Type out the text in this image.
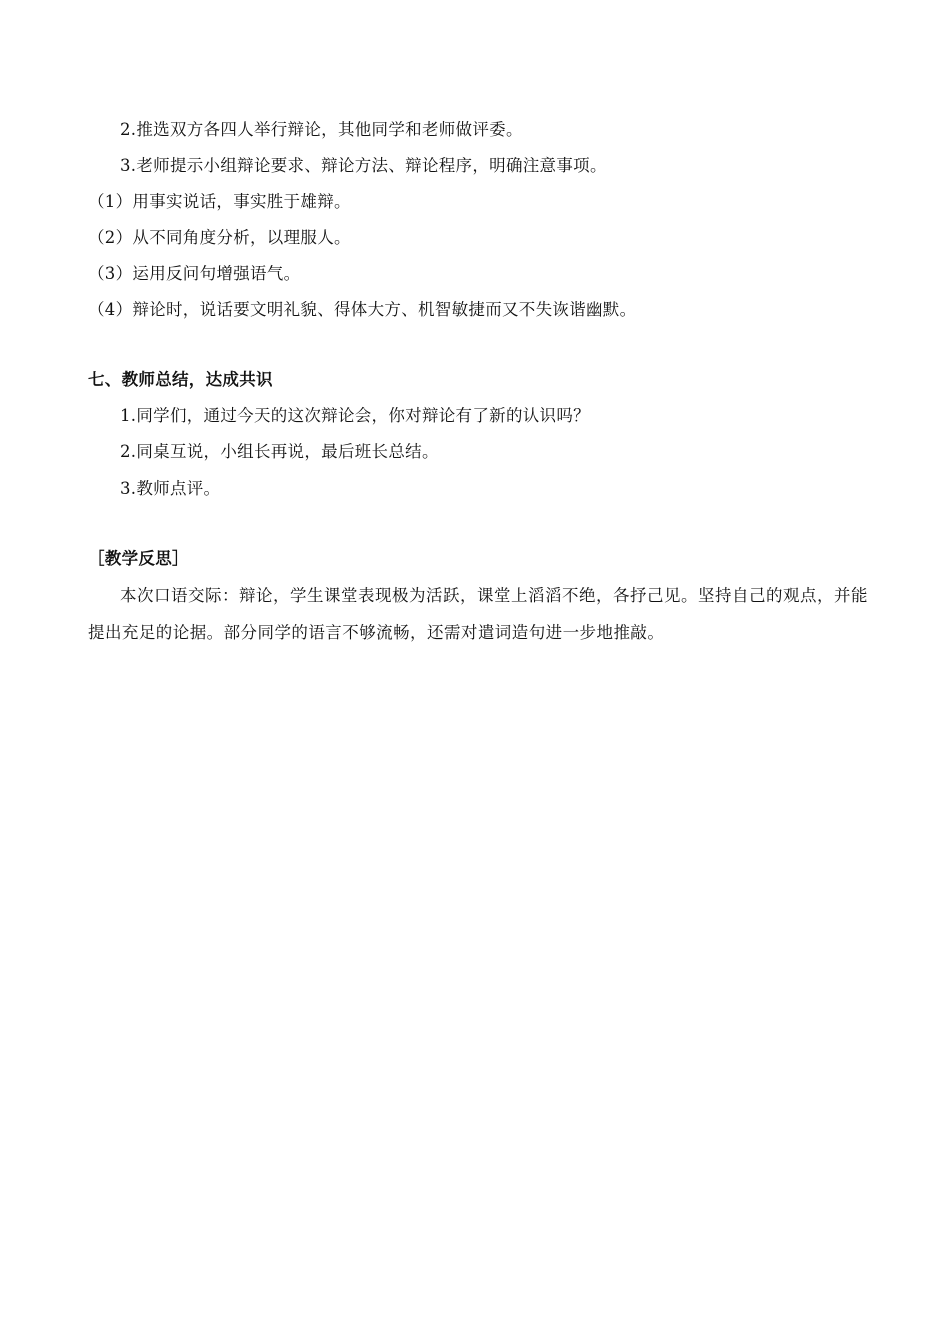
2.推选双方各四人举行辩论，其他同学和老师做评委。
3.老师提示小组辩论要求、辩论方法、辩论程序，明确注意事项。
（1）用事实说话，事实胜于雄辩。
（2）从不同角度分析，以理服人。
（3）运用反问句增强语气。
（4）辩论时，说话要文明礼貌、得体大方、机智敏捷而又不失诙谐幽默。
七、教师总结，达成共识
1.同学们，通过今天的这次辩论会，你对辩论有了新的认识吗？
2.同桌互说，小组长再说，最后班长总结。
3.教师点评。
［教学反思］
本次口语交际：辩论，学生课堂表现极为活跃，课堂上滔滔不绝，各抒己见。坚持自己的观点，并能提出充足的论据。部分同学的语言不够流畅，还需对遣词造句进一步地推敲。
